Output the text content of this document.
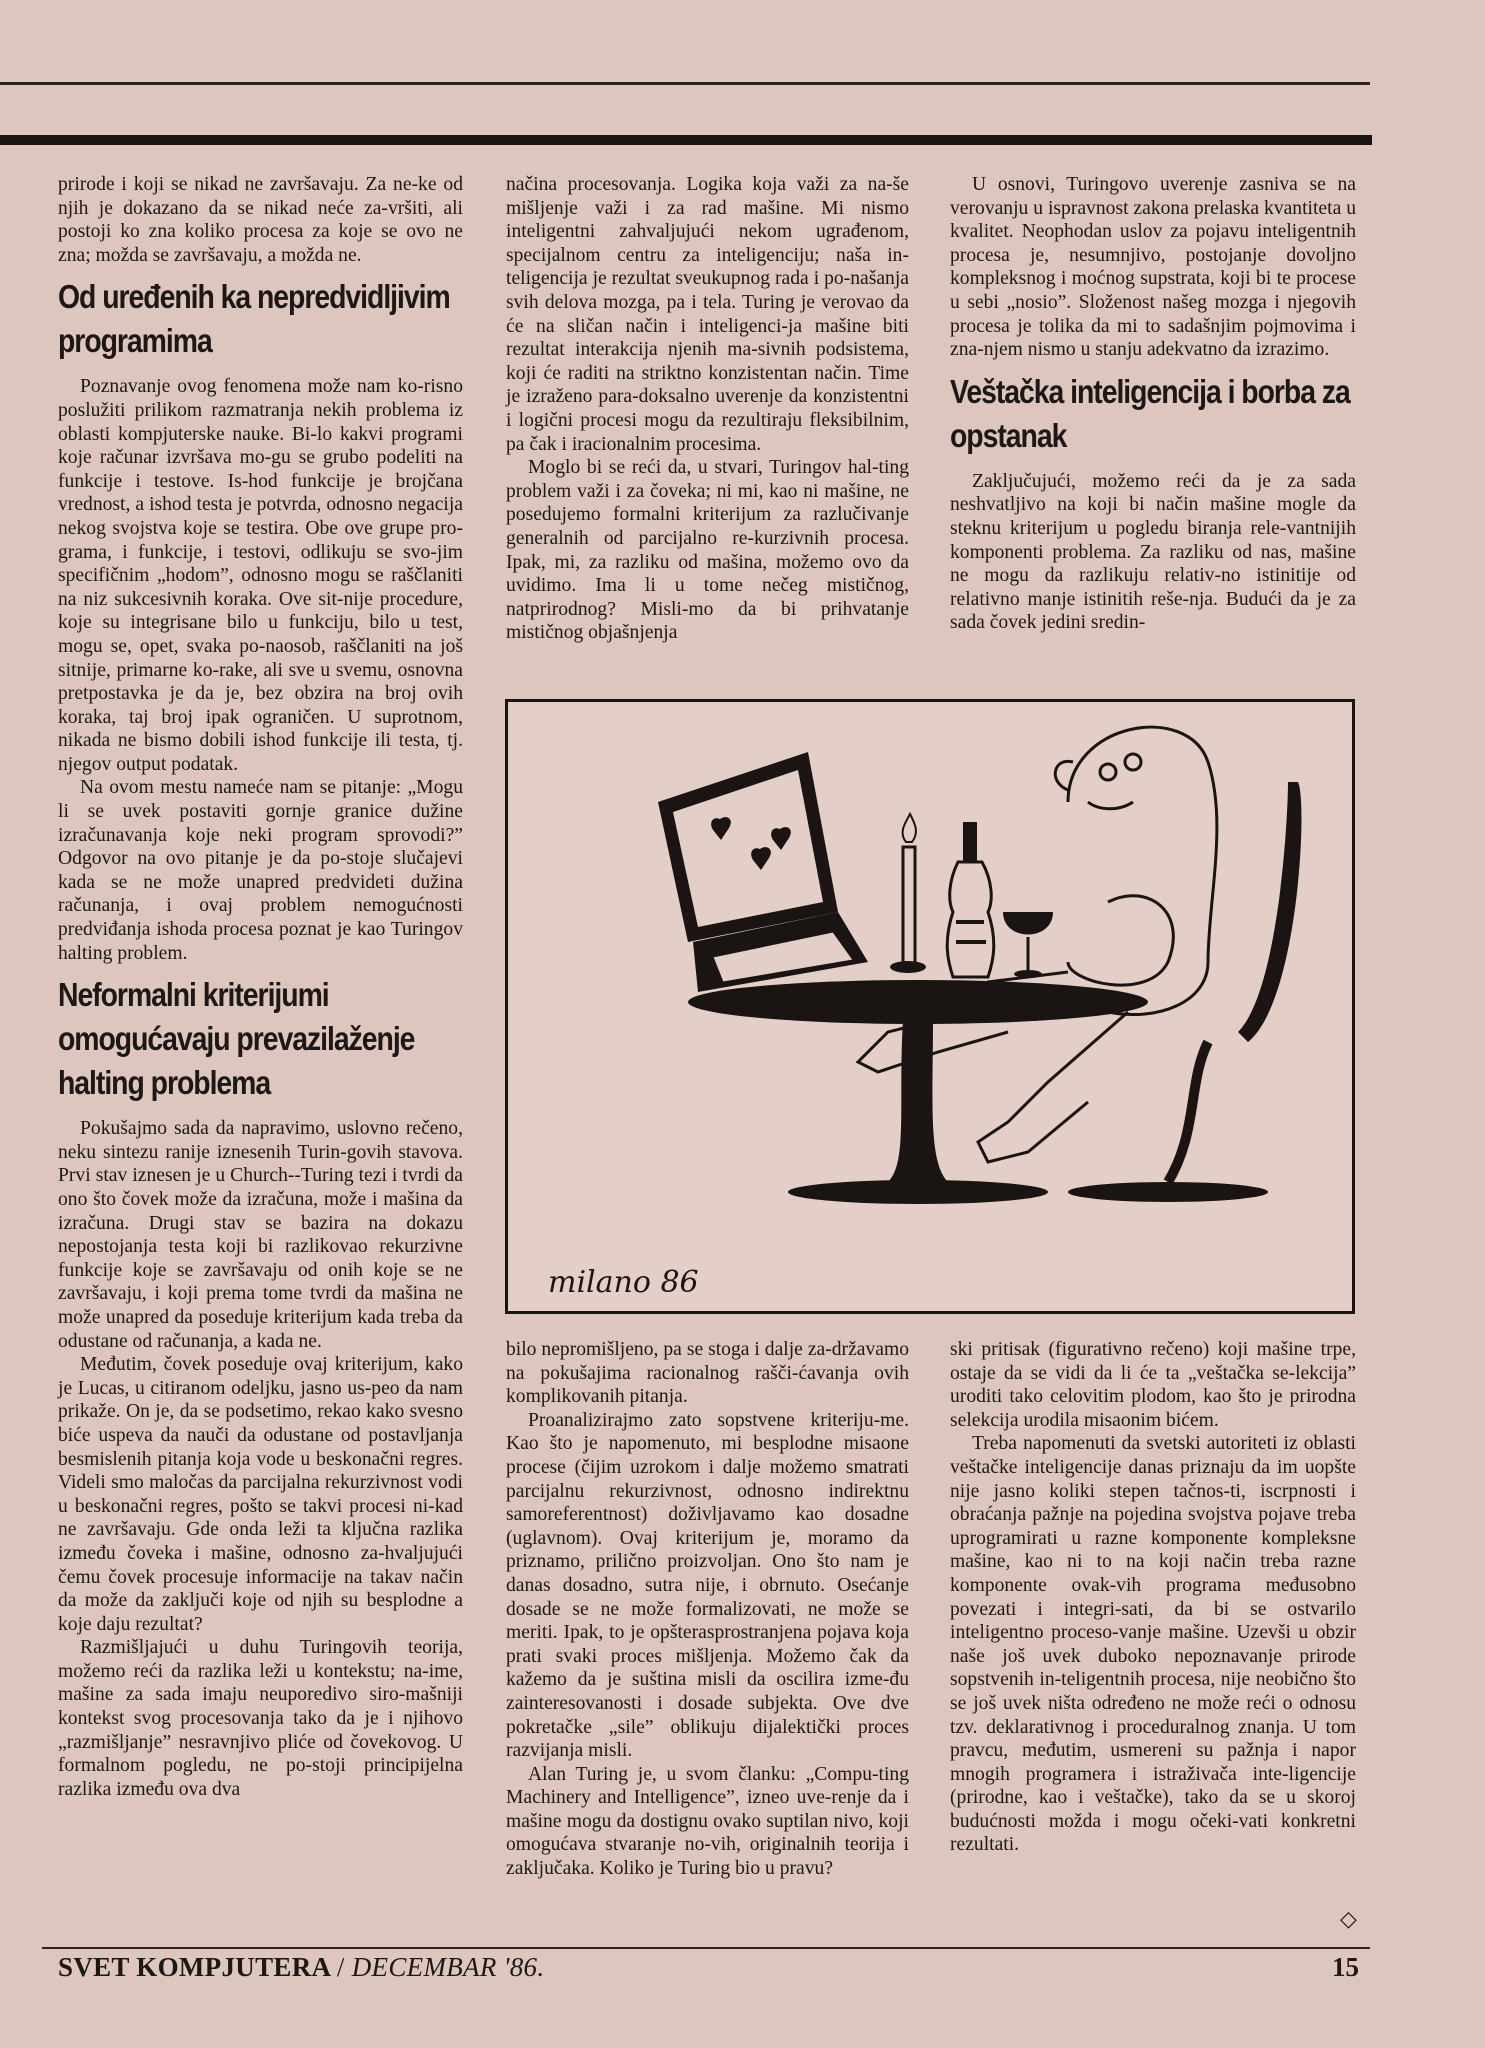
prirode i koji se nikad ne završavaju. Za ne-ke od njih je dokazano da se nikad neće za-vršiti, ali postoji ko zna koliko procesa za koje se ovo ne zna; možda se završavaju, a možda ne.

Od uređenih ka nepredvidljivim programima

Poznavanje ovog fenomena može nam ko-risno poslužiti prilikom razmatranja nekih problema iz oblasti kompjuterske nauke. Bi-lo kakvi programi koje računar izvršava mo-gu se grubo podeliti na funkcije i testove. Is-hod funkcije je brojčana vrednost, a ishod testa je potvrda, odnosno negacija nekog svojstva koje se testira. Obe ove grupe pro-grama, i funkcije, i testovi, odlikuju se svo-jim specifičnim „hodom”, odnosno mogu se raščlaniti na niz sukcesivnih koraka. Ove sit-nije procedure, koje su integrisane bilo u funkciju, bilo u test, mogu se, opet, svaka po-naosob, raščlaniti na još sitnije, primarne ko-rake, ali sve u svemu, osnovna pretpostavka je da je, bez obzira na broj ovih koraka, taj broj ipak ograničen. U suprotnom, nikada ne bismo dobili ishod funkcije ili testa, tj. njegov output podatak.

Na ovom mestu nameće nam se pitanje: „Mogu li se uvek postaviti gornje granice dužine izračunavanja koje neki program sprovodi?” Odgovor na ovo pitanje je da po-stoje slučajevi kada se ne može unapred predvideti dužina računanja, i ovaj problem nemogućnosti predviđanja ishoda procesa poznat je kao Turingov halting problem.

Neformalni kriterijumi omogućavaju prevazilaženje halting problema

Pokušajmo sada da napravimo, uslovno rečeno, neku sintezu ranije iznesenih Turin-govih stavova. Prvi stav iznesen je u Church--Turing tezi i tvrdi da ono što čovek može da izračuna, može i mašina da izračuna. Drugi stav se bazira na dokazu nepostojanja testa koji bi razlikovao rekurzivne funkcije koje se završavaju od onih koje se ne završavaju, i koji prema tome tvrdi da mašina ne može unapred da poseduje kriterijum kada treba da odustane od računanja, a kada ne.

Međutim, čovek poseduje ovaj kriterijum, kako je Lucas, u citiranom odeljku, jasno us-peo da nam prikaže. On je, da se podsetimo, rekao kako svesno biće uspeva da nauči da odustane od postavljanja besmislenih pitanja koja vode u beskonačni regres. Videli smo maločas da parcijalna rekurzivnost vodi u beskonačni regres, pošto se takvi procesi ni-kad ne završavaju. Gde onda leži ta ključna razlika između čoveka i mašine, odnosno za-hvaljujući čemu čovek procesuje informacije na takav način da može da zaključi koje od njih su besplodne a koje daju rezultat?

Razmišljajući u duhu Turingovih teorija, možemo reći da razlika leži u kontekstu; na-ime, mašine za sada imaju neuporedivo siro-mašniji kontekst svog procesovanja tako da je i njihovo „razmišljanje” nesravnjivo pliće od čovekovog. U formalnom pogledu, ne po-stoji principijelna razlika između ova dva

načina procesovanja. Logika koja važi za na-še mišljenje važi i za rad mašine. Mi nismo inteligentni zahvaljujući nekom ugrađenom, specijalnom centru za inteligenciju; naša in-teligencija je rezultat sveukupnog rada i po-našanja svih delova mozga, pa i tela. Turing je verovao da će na sličan način i inteligenci-ja mašine biti rezultat interakcija njenih ma-sivnih podsistema, koji će raditi na striktno konzistentan način. Time je izraženo para-doksalno uverenje da konzistentni i logični procesi mogu da rezultiraju fleksibilnim, pa čak i iracionalnim procesima.

Moglo bi se reći da, u stvari, Turingov hal-ting problem važi i za čoveka; ni mi, kao ni mašine, ne posedujemo formalni kriterijum za razlučivanje generalnih od parcijalno re-kurzivnih procesa. Ipak, mi, za razliku od mašina, možemo ovo da uvidimo. Ima li u tome nečeg mističnog, natprirodnog? Misli-mo da bi prihvatanje mističnog objašnjenja

U osnovi, Turingovo uverenje zasniva se na verovanju u ispravnost zakona prelaska kvantiteta u kvalitet. Neophodan uslov za pojavu inteligentnih procesa je, nesumnjivo, postojanje dovoljno kompleksnog i moćnog supstrata, koji bi te procese u sebi „nosio”. Složenost našeg mozga i njegovih procesa je tolika da mi to sadašnjim pojmovima i zna-njem nismo u stanju adekvatno da izrazimo.

Veštačka inteligencija i borba za opstanak

Zaključujući, možemo reći da je za sada neshvatljivo na koji bi način mašine mogle da steknu kriterijum u pogledu biranja rele-vantnijih komponenti problema. Za razliku od nas, mašine ne mogu da razlikuju relativ-no istinitije od relativno manje istinitih reše-nja. Budući da je za sada čovek jedini sredin-

milano 86

bilo nepromišljeno, pa se stoga i dalje za-državamo na pokušajima racionalnog rašči-ćavanja ovih komplikovanih pitanja.

Proanalizirajmo zato sopstvene kriteriju-me. Kao što je napomenuto, mi besplodne misaone procese (čijim uzrokom i dalje možemo smatrati parcijalnu rekurzivnost, odnosno indirektnu samoreferentnost) doživljavamo kao dosadne (uglavnom). Ovaj kriterijum je, moramo da priznamo, prilično proizvoljan. Ono što nam je danas dosadno, sutra nije, i obrnuto. Osećanje dosade se ne može formalizovati, ne može se meriti. Ipak, to je opšterasprostranjena pojava koja prati svaki proces mišljenja. Možemo čak da kažemo da je suština misli da oscilira izme-đu zainteresovanosti i dosade subjekta. Ove dve pokretačke „sile” oblikuju dijalektički proces razvijanja misli.

Alan Turing je, u svom članku: „Compu-ting Machinery and Intelligence”, izneo uve-renje da i mašine mogu da dostignu ovako suptilan nivo, koji omogućava stvaranje no-vih, originalnih teorija i zaključaka. Koliko je Turing bio u pravu?

ski pritisak (figurativno rečeno) koji mašine trpe, ostaje da se vidi da li će ta „veštačka se-lekcija” uroditi tako celovitim plodom, kao što je prirodna selekcija urodila misaonim bićem.

Treba napomenuti da svetski autoriteti iz oblasti veštačke inteligencije danas priznaju da im uopšte nije jasno koliki stepen tačnos-ti, iscrpnosti i obraćanja pažnje na pojedina svojstva pojave treba uprogramirati u razne komponente kompleksne mašine, kao ni to na koji način treba razne komponente ovak-vih programa međusobno povezati i integri-sati, da bi se ostvarilo inteligentno proceso-vanje mašine. Uzevši u obzir naše još uvek duboko nepoznavanje prirode sopstvenih in-teligentnih procesa, nije neobično što se još uvek ništa određeno ne može reći o odnosu tzv. deklarativnog i proceduralnog znanja. U tom pravcu, međutim, usmereni su pažnja i napor mnogih programera i istraživača inte-ligencije (prirodne, kao i veštačke), tako da se u skoroj budućnosti možda i mogu očeki-vati konkretni rezultati.

◇
SVET KOMPJUTERA / DECEMBAR '86.	15
